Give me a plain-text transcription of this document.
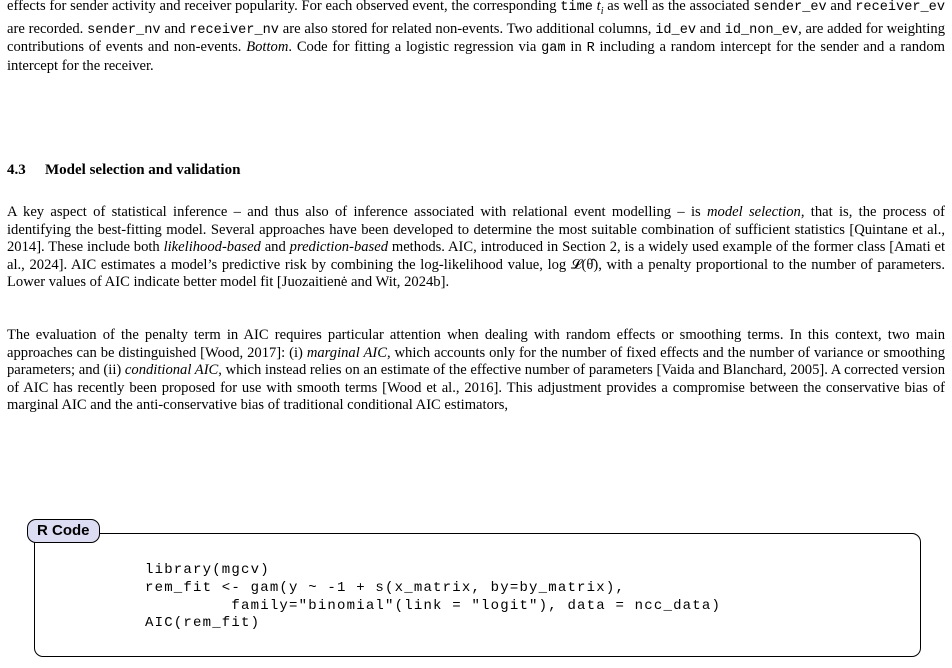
effects for sender activity and receiver popularity. For each observed event, the corresponding time $t_i$ as well as the associated sender_ev and receiver_ev are recorded. sender_nv and receiver_nv are also stored for related non-events. Two additional columns, id_ev and id_non_ev, are added for weighting contributions of events and non-events. Bottom. Code for fitting a logistic regression via gam in R including a random intercept for the sender and a random intercept for the receiver.

4.3 Model selection and validation

A key aspect of statistical inference – and thus also of inference associated with relational event modelling – is model selection, that is, the process of identifying the best-fitting model. Several approaches have been developed to determine the most suitable combination of sufficient statistics [Quintane et al., 2014]. These include both likelihood-based and prediction-based methods. AIC, introduced in Section 2, is a widely used example of the former class [Amati et al., 2024]. AIC estimates a model’s predictive risk by combining the log-likelihood value, log 𝓛(θ̂), with a penalty proportional to the number of parameters. Lower values of AIC indicate better model fit [Juozaitienė and Wit, 2024b].

The evaluation of the penalty term in AIC requires particular attention when dealing with random effects or smoothing terms. In this context, two main approaches can be distinguished [Wood, 2017]: (i) marginal AIC, which accounts only for the number of fixed effects and the number of variance or smoothing parameters; and (ii) conditional AIC, which instead relies on an estimate of the effective number of parameters [Vaida and Blanchard, 2005]. A corrected version of AIC has recently been proposed for use with smooth terms [Wood et al., 2016]. This adjustment provides a compromise between the conservative bias of marginal AIC and the anti-conservative bias of traditional conditional AIC estimators,

R Code
library(mgcv)
rem_fit <- gam(y ~ -1 + s(x_matrix, by=by_matrix),
family="binomial"(link = "logit"), data = ncc_data)
AIC(rem_fit)
